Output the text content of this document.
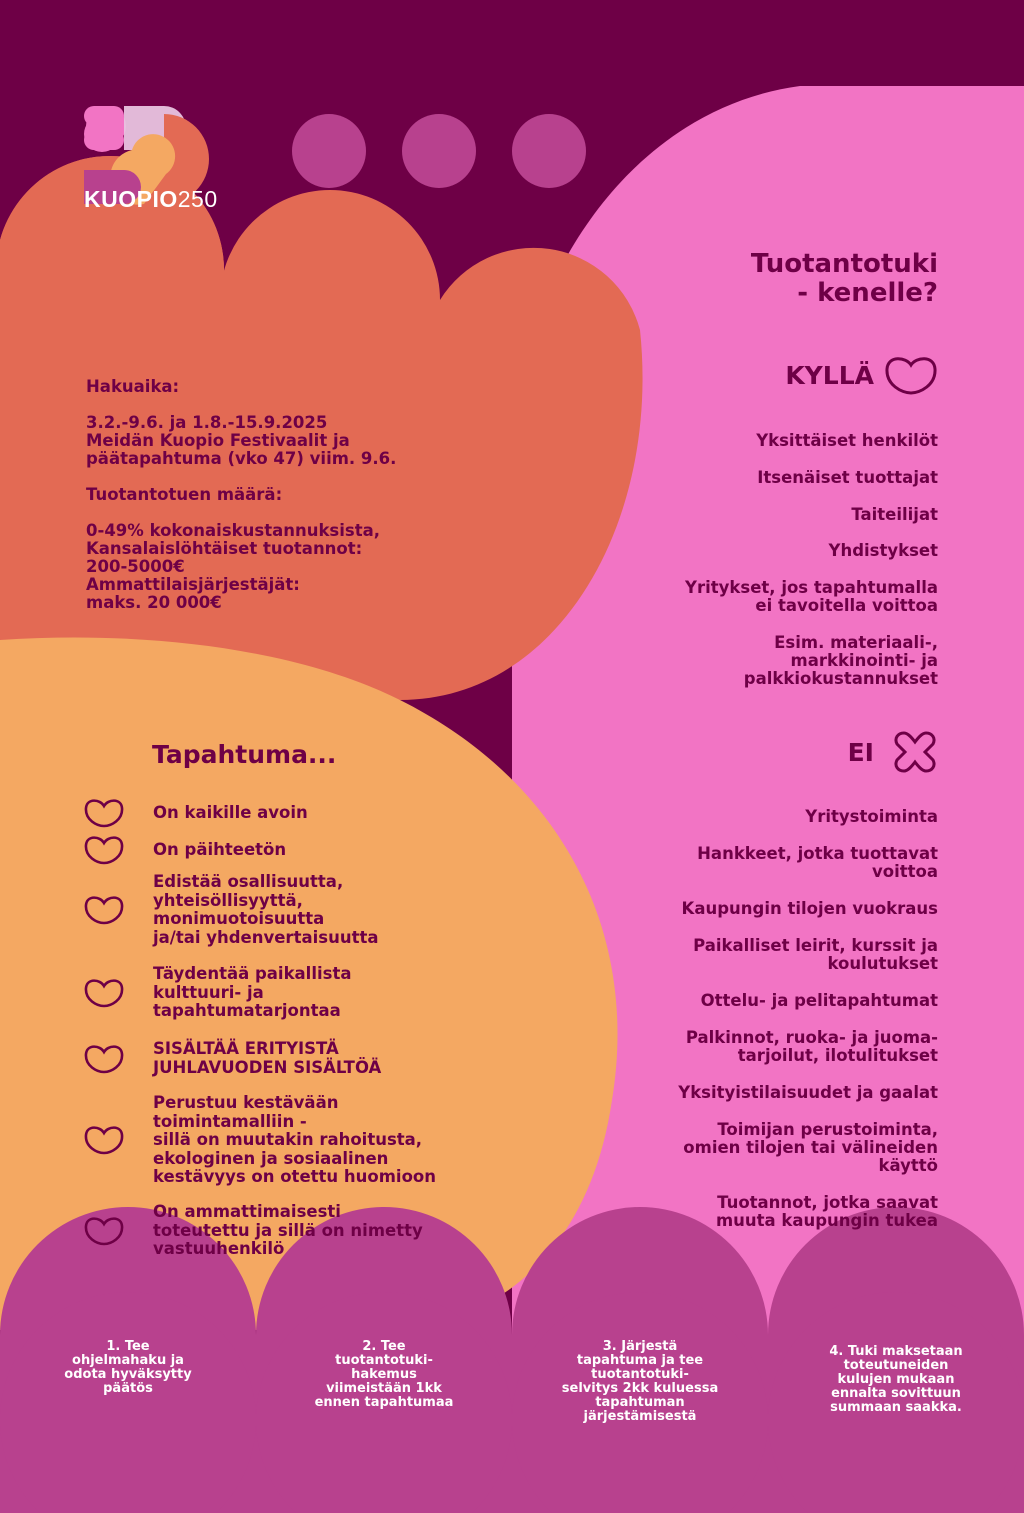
KUOPIO250
Tuotantotuki
- kenelle?

Hakuaika:

3.2.-9.6. ja 1.8.-15.9.2025

Meidän Kuopio Festivaalit ja

päätapahtuma (vko 47) viim. 9.6.

Tuotantotuen määrä:

0-49% kokonaiskustannuksista,

Kansalaislöhtäiset tuotannot:

200-5000€

Ammattilaisjärjestäjät:

maks. 20 000€

KYLLÄ
Yksittäiset henkilöt
Itsenäiset tuottajat
Taiteilijat
Yhdistykset
Yritykset, jos tapahtumalla
ei tavoitella voittoa
Esim. materiaali-,
markkinointi- ja
palkkiokustannukset
EI
Yritystoiminta
Hankkeet, jotka tuottavat
voittoa
Kaupungin tilojen vuokraus
Paikalliset leirit, kurssit ja
koulutukset
Ottelu- ja pelitapahtumat
Palkinnot, ruoka- ja juoma-
tarjoilut, ilotulitukset
Yksityistilaisuudet ja gaalat
Toimijan perustoiminta,
omien tilojen tai välineiden
käyttö
Tuotannot, jotka saavat
muuta kaupungin tukea
Tapahtuma...
On kaikille avoin
On päihteetön
Edistää osallisuutta,
yhteisöllisyyttä,
monimuotoisuutta
ja/tai yhdenvertaisuutta
Täydentää paikallista
kulttuuri- ja
tapahtumatarjontaa
SISÄLTÄÄ ERITYISTÄ
JUHLAVUODEN SISÄLTÖÄ
Perustuu kestävään
toimintamalliin -
sillä on muutakin rahoitusta,
ekologinen ja sosiaalinen
kestävyys on otettu huomioon
On ammattimaisesti
toteutettu ja sillä on nimetty
vastuuhenkilö
1. Tee
ohjelmahaku ja
odota hyväksytty
päätös
2. Tee
tuotantotuki-
hakemus
viimeistään 1kk
ennen tapahtumaa
3. Järjestä
tapahtuma ja tee
tuotantotuki-
selvitys 2kk kuluessa
tapahtuman
järjestämisestä
4. Tuki maksetaan
toteutuneiden
kulujen mukaan
ennalta sovittuun
summaan saakka.
